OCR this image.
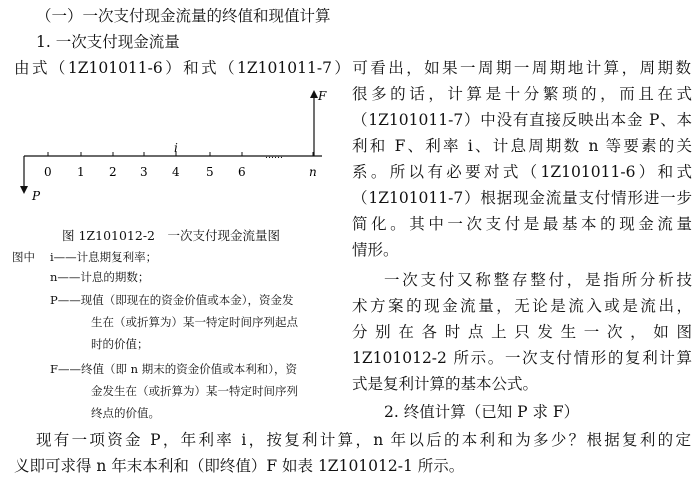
（一）一次支付现金流量的终值和现值计算
1. 一次支付现金流量
由式（1Z101011-6）和式（1Z101011-7）可看出，如果一周期一周期地计算，周期数
0 1 2 3 4 5 6
……
n
F
P
i
图 1Z101012-2　一次支付现金流量图
图中 i——计息期复利率；
n——计息的期数；
P——现值（即现在的资金价值或本金），资金发
生在（或折算为）某一特定时间序列起点
时的价值；
F——终值（即 n 期末的资金价值或本利和），资
金发生在（或折算为）某一特定时间序列
终点的价值。
很多的话，计算是十分繁琐的，而且在式
（1Z101011-7）中没有直接反映出本金 P、本
利和 F、利率 i、计息周期数 n 等要素的关
系。所以有必要对式（1Z101011-6）和式
（1Z101011-7）根据现金流量支付情形进一步
简化。其中一次支付是最基本的现金流量
情形。
一次支付又称整存整付，是指所分析技
术方案的现金流量，无论是流入或是流出，
分别在各时点上只发生一次，如图
1Z101012-2 所示。一次支付情形的复利计算
式是复利计算的基本公式。
2. 终值计算（已知 P 求 F）
现有一项资金 P，年利率 i，按复利计算，n 年以后的本利和为多少？根据复利的定
义即可求得 n 年末本利和（即终值）F 如表 1Z101012-1 所示。
